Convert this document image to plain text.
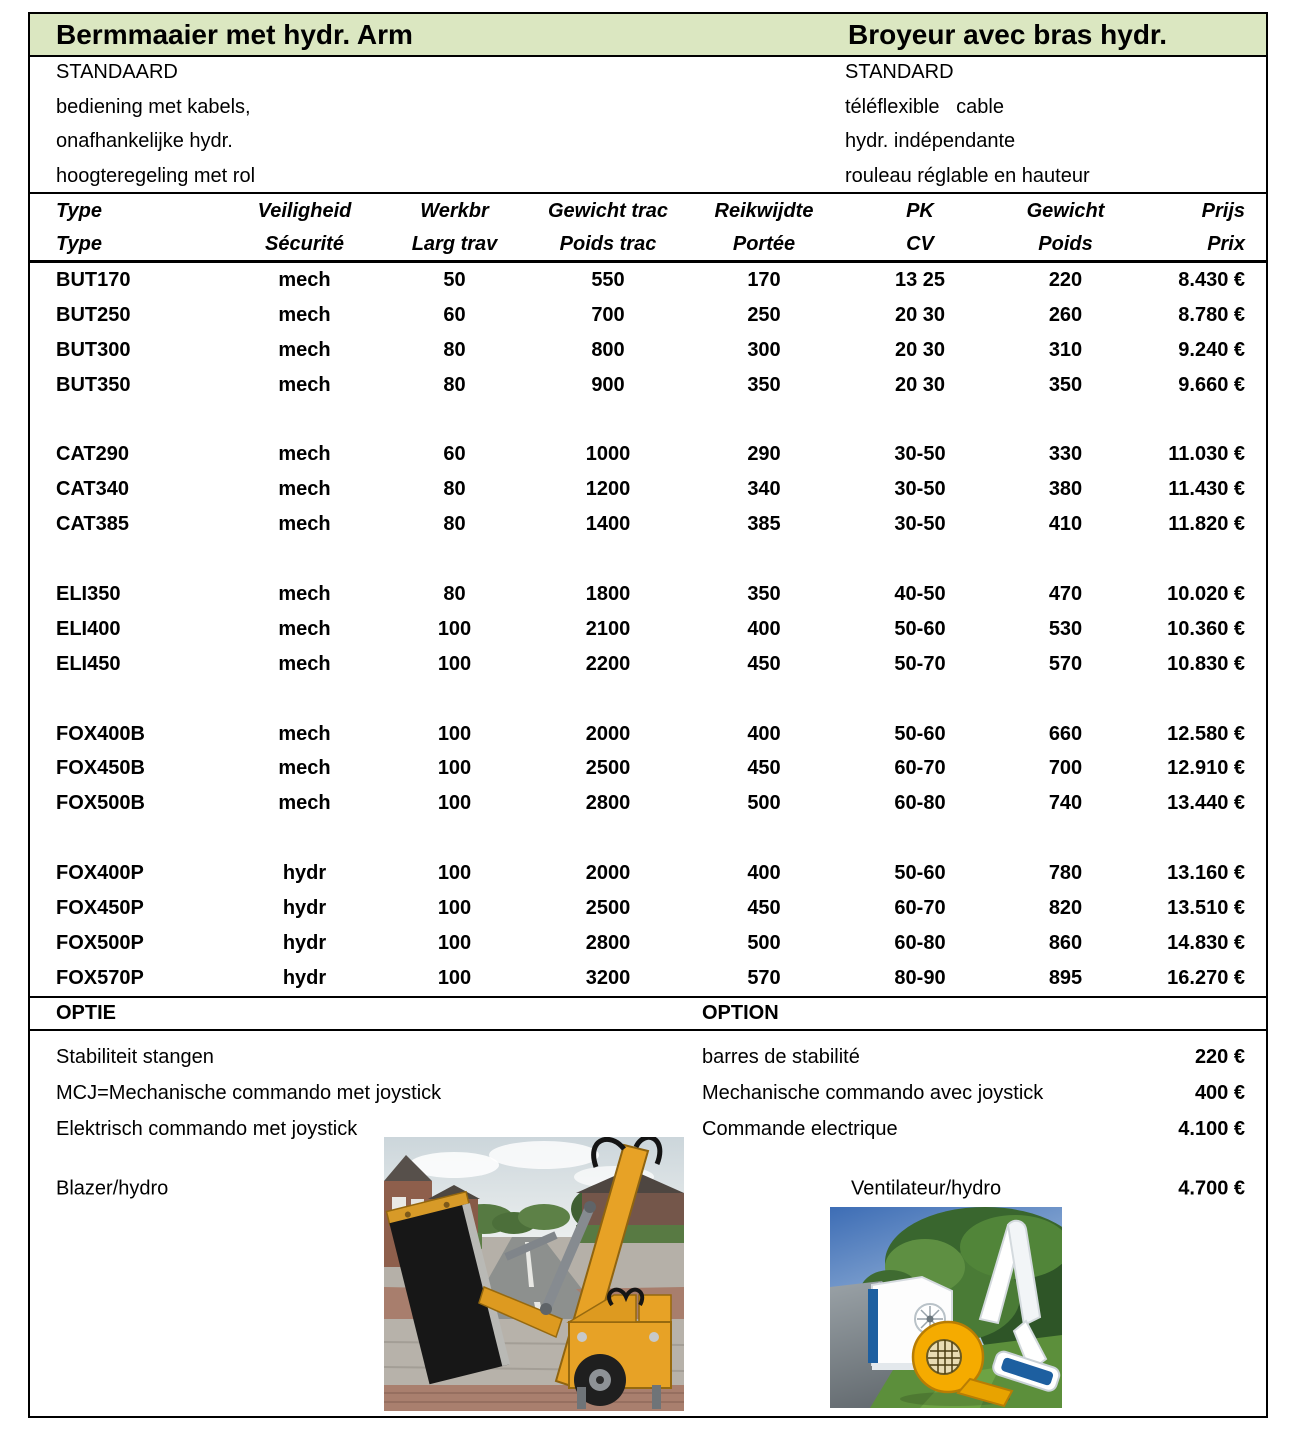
Bermmaaier met hydr. Arm	Broyeur avec bras hydr.
STANDAARD
bediening met kabels,
onafhankelijke hydr.
hoogteregeling met rol
STANDARD
téléflexible   cable
hydr. indépendante
rouleau réglable en hauteur
Type	Veiligheid	Werkbr	Gewicht trac	Reikwijdte	PK	Gewicht	Prijs
Type	Sécurité	Larg trav	Poids trac	Portée	CV	Poids	Prix
BUT170	mech	50	550	170	13 25	220	8.430 €
BUT250	mech	60	700	250	20 30	260	8.780 €
BUT300	mech	80	800	300	20 30	310	9.240 €
BUT350	mech	80	900	350	20 30	350	9.660 €
CAT290	mech	60	1000	290	30-50	330	11.030 €
CAT340	mech	80	1200	340	30-50	380	11.430 €
CAT385	mech	80	1400	385	30-50	410	11.820 €
ELI350	mech	80	1800	350	40-50	470	10.020 €
ELI400	mech	100	2100	400	50-60	530	10.360 €
ELI450	mech	100	2200	450	50-70	570	10.830 €
FOX400B	mech	100	2000	400	50-60	660	12.580 €
FOX450B	mech	100	2500	450	60-70	700	12.910 €
FOX500B	mech	100	2800	500	60-80	740	13.440 €
FOX400P	hydr	100	2000	400	50-60	780	13.160 €
FOX450P	hydr	100	2500	450	60-70	820	13.510 €
FOX500P	hydr	100	2800	500	60-80	860	14.830 €
FOX570P	hydr	100	3200	570	80-90	895	16.270 €
OPTIE	OPTION
Stabiliteit stangen	barres de stabilité	220 €
MCJ=Mechanische commando met joystick	Mechanische commando avec joystick	400 €
Elektrisch commando met joystick	Commande electrique	4.100 €
Blazer/hydro	Ventilateur/hydro	4.700 €
